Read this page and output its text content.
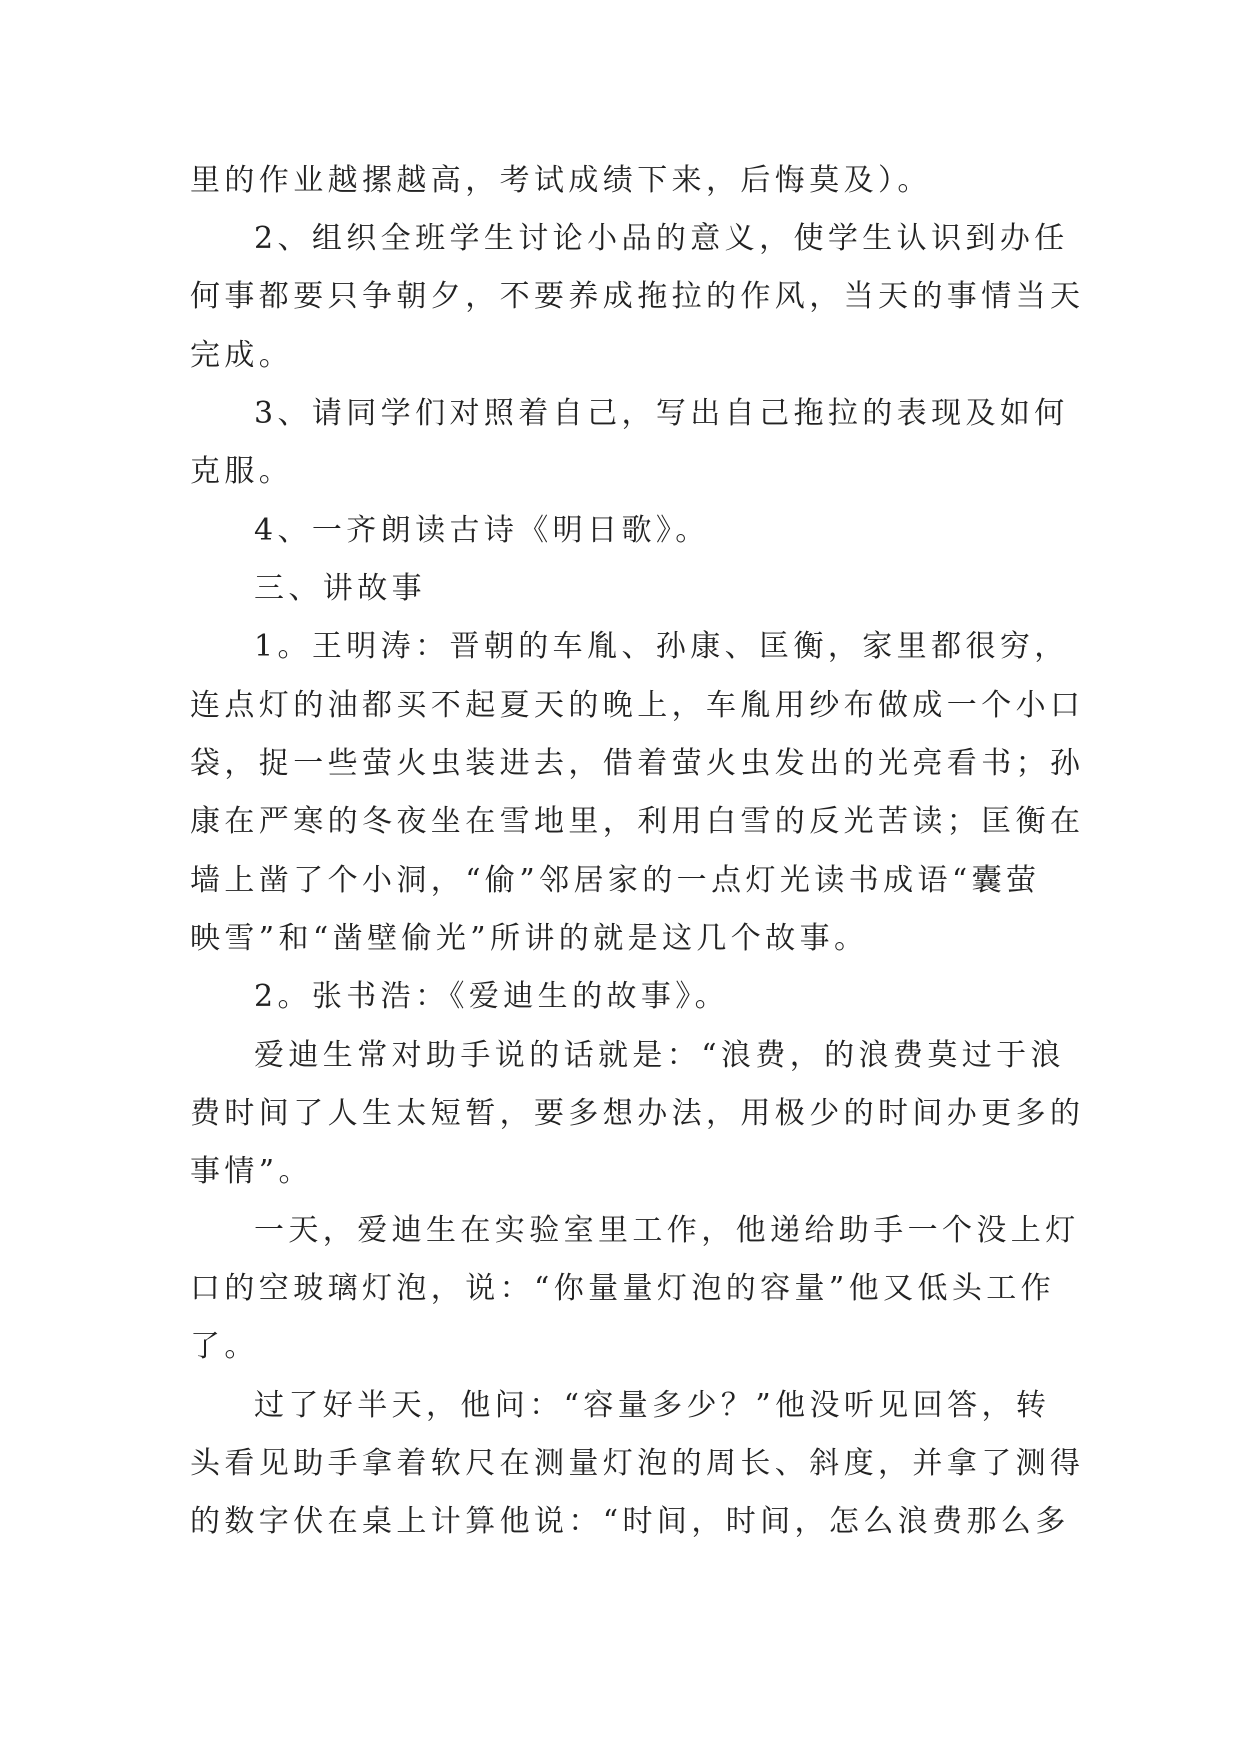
里的作业越摞越高，考试成绩下来，后悔莫及）。

2、组织全班学生讨论小品的意义，使学生认识到办任

何事都要只争朝夕，不要养成拖拉的作风，当天的事情当天

完成。

3、请同学们对照着自己，写出自己拖拉的表现及如何

克服。

4、一齐朗读古诗《明日歌》。

三、讲故事

1。王明涛：晋朝的车胤、孙康、匡衡，家里都很穷，

连点灯的油都买不起夏天的晚上，车胤用纱布做成一个小口

袋，捉一些萤火虫装进去，借着萤火虫发出的光亮看书；孙

康在严寒的冬夜坐在雪地里，利用白雪的反光苦读；匡衡在

墙上凿了个小洞，“偷”邻居家的一点灯光读书成语“囊萤

映雪”和“凿壁偷光”所讲的就是这几个故事。

2。张书浩：《爱迪生的故事》。

爱迪生常对助手说的话就是：“浪费，的浪费莫过于浪

费时间了人生太短暂，要多想办法，用极少的时间办更多的

事情”。

一天，爱迪生在实验室里工作，他递给助手一个没上灯

口的空玻璃灯泡，说：“你量量灯泡的容量”他又低头工作

了。

过了好半天，他问：“容量多少？”他没听见回答，转

头看见助手拿着软尺在测量灯泡的周长、斜度，并拿了测得

的数字伏在桌上计算他说：“时间，时间，怎么浪费那么多
